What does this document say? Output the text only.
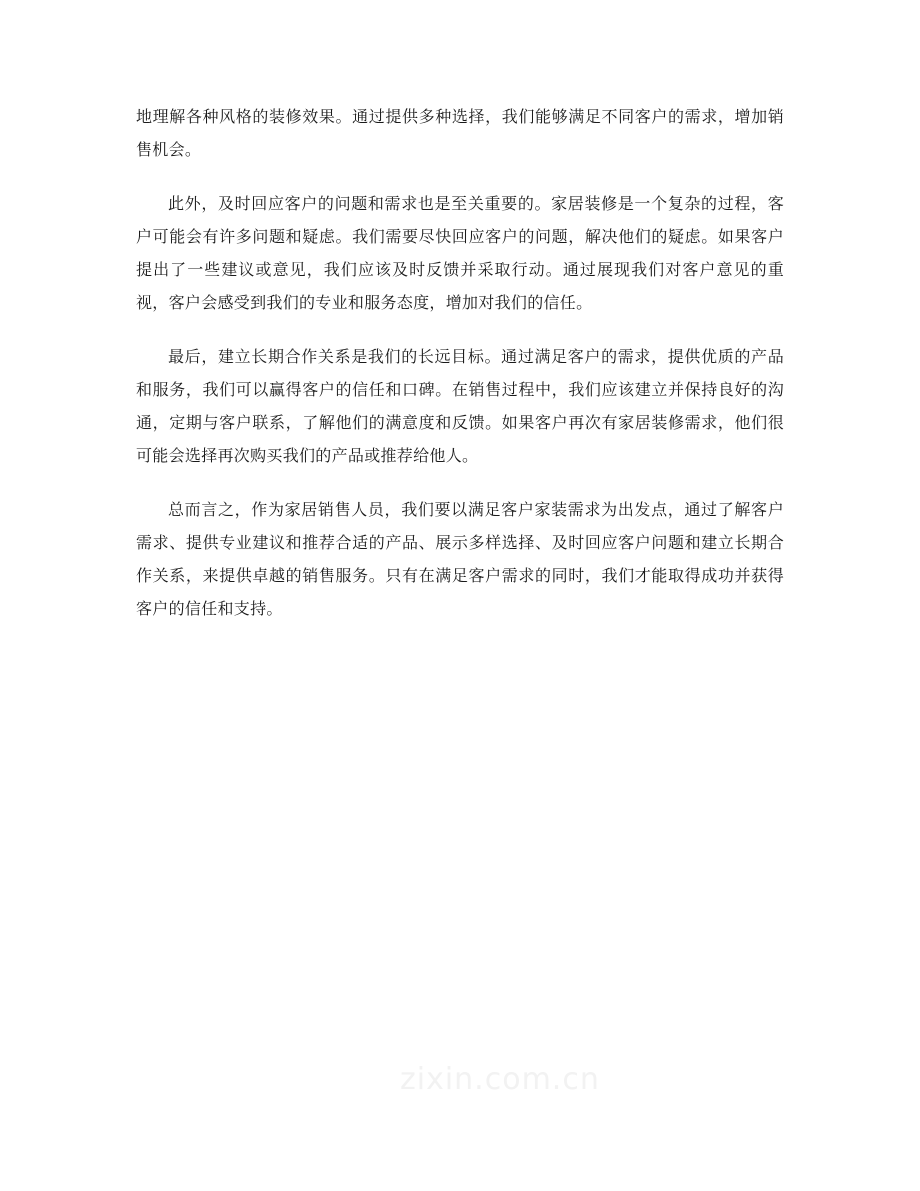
地理解各种风格的装修效果。通过提供多种选择，我们能够满足不同客户的需求，增加销售机会。

此外，及时回应客户的问题和需求也是至关重要的。家居装修是一个复杂的过程，客户可能会有许多问题和疑虑。我们需要尽快回应客户的问题，解决他们的疑虑。如果客户提出了一些建议或意见，我们应该及时反馈并采取行动。通过展现我们对客户意见的重视，客户会感受到我们的专业和服务态度，增加对我们的信任。

最后，建立长期合作关系是我们的长远目标。通过满足客户的需求，提供优质的产品和服务，我们可以赢得客户的信任和口碑。在销售过程中，我们应该建立并保持良好的沟通，定期与客户联系，了解他们的满意度和反馈。如果客户再次有家居装修需求，他们很可能会选择再次购买我们的产品或推荐给他人。

总而言之，作为家居销售人员，我们要以满足客户家装需求为出发点，通过了解客户需求、提供专业建议和推荐合适的产品、展示多样选择、及时回应客户问题和建立长期合作关系，来提供卓越的销售服务。只有在满足客户需求的同时，我们才能取得成功并获得客户的信任和支持。

zixin.com.cn
